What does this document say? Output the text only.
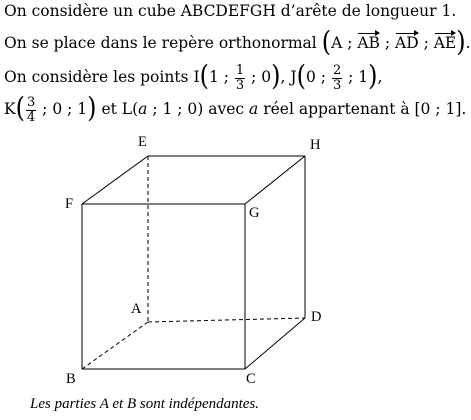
On considère un cube ABCDEFGH d’arête de longueur 1.
On se place dans le repère orthonormal (A ; AB ; AD ; AE).
On considère les points I(1 ; $\frac{1}{3}$ ; 0), J(0 ; $\frac{2}{3}$ ; 1),
$K( \frac{3}{4}$ ; 0 ; 1) et L(a ; 1 ; 0) avec a réel appartenant à [0 ; 1].
E	H
F
G
A	D
B	C
Les parties A et B sont indépendantes.
